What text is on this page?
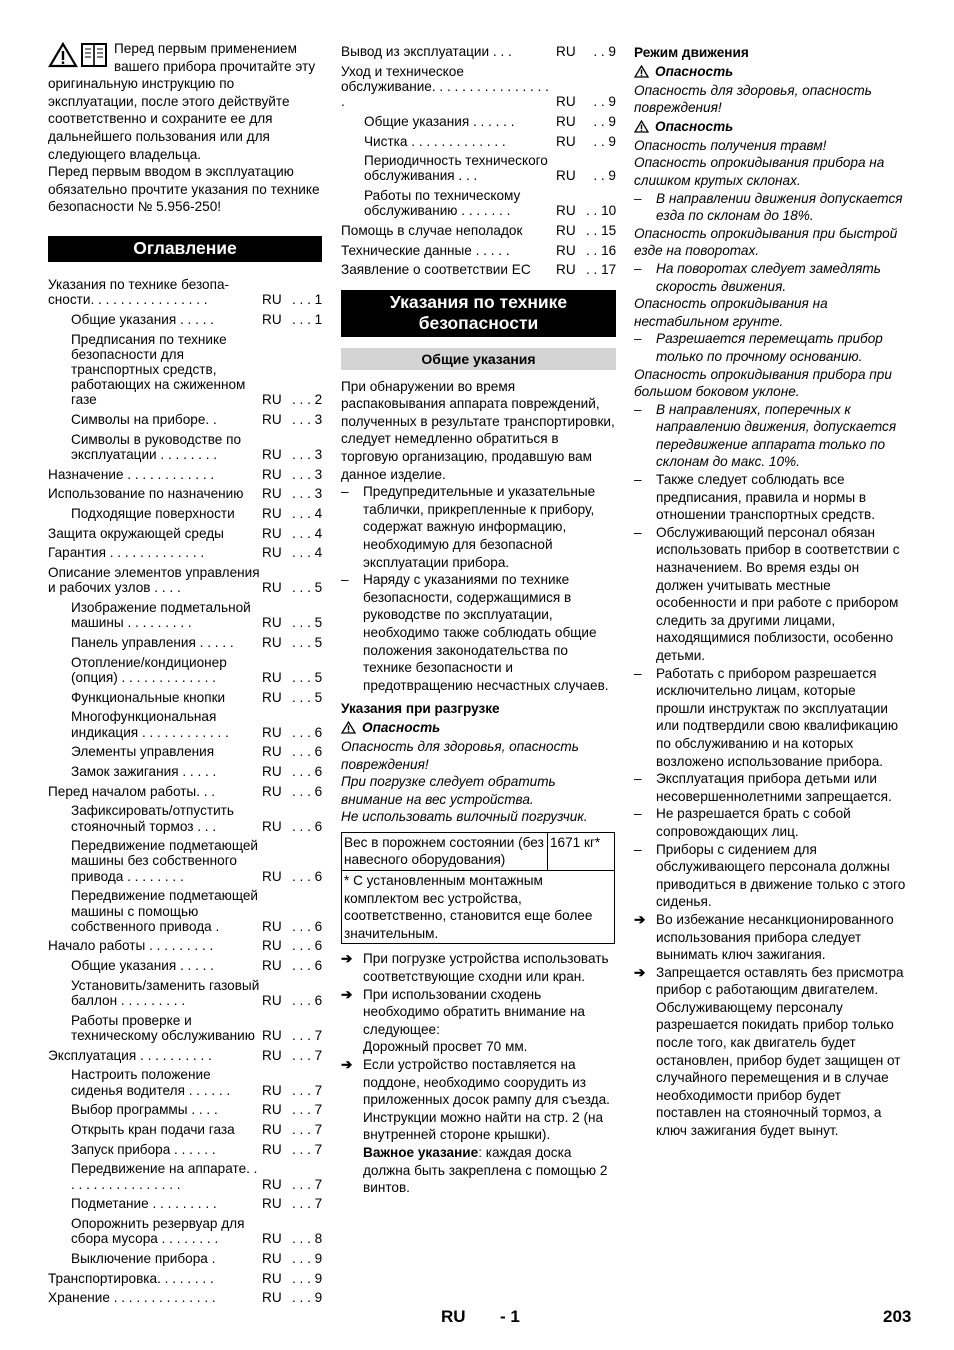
Перед первым применением вашего прибора прочитайте эту оригинальную инструкцию по эксплуатации, после этого действуйте соответственно и сохраните ее для дальнейшего пользования или для следующего владельца.

Перед первым вводом в эксплуатацию обязательно прочтите указания по технике безопасности № 5.956-250!

Оглавление
Указания по технике безопа-сности. . . . . . . . . . . . . . . .	RU . . . 1
Общие указания . . . . .	RU . . . 1
Предписания по технике безопасности для транспортных средств, работающих на сжиженном газе	RU . . . 2
Символы на приборе. .	RU . . . 3
Символы в руководстве по эксплуатации . . . . . . . .	RU . . . 3
Назначение . . . . . . . . . . . .	RU . . . 3
Использование по назначению	RU . . . 3
Подходящие поверхности	RU . . . 4
Защита окружающей среды	RU . . . 4
Гарантия . . . . . . . . . . . . .	RU . . . 4
Описание элементов управления и рабочих узлов . . . .	RU . . . 5
Изображение подметальной машины . . . . . . . . .	RU . . . 5
Панель управления . . . . .	RU . . . 5
Отопление/кондиционер (опция) . . . . . . . . . . . . .	RU . . . 5
Функциональные кнопки	RU . . . 5
Многофункциональная индикация . . . . . . . . . . . .	RU . . . 6
Элементы управления	RU . . . 6
Замок зажигания . . . . .	RU . . . 6
Перед началом работы. . .	RU . . . 6
Зафиксировать/отпустить стояночный тормоз . . .	RU . . . 6
Передвижение подметающей машины без собственного привода . . . . . . . .	RU . . . 6
Передвижение подметающей машины с помощью собственного привода .	RU . . . 6
Начало работы . . . . . . . . .	RU . . . 6
Общие указания . . . . .	RU . . . 6
Установить/заменить газовый баллон . . . . . . . . .	RU . . . 6
Работы проверке и техническому обслуживанию RU . . . 7
Эксплуатация . . . . . . . . . .	RU . . . 7
Настроить положение сиденья водителя . . . . . .	RU . . . 7
Выбор программы . . . .	RU . . . 7
Открыть кран подачи газа	RU . . . 7
Запуск прибора . . . . . .	RU . . . 7
Передвижение на аппарате. . . . . . . . . . . . . . . . .	RU . . . 7
Подметание . . . . . . . . .	RU . . . 7
Опорожнить резервуар для сбора мусора . . . . . . . .	RU . . . 8
Выключение прибора .	RU . . . 9
Транспортировка. . . . . . . .	RU . . . 9
Хранение . . . . . . . . . . . . . .	RU . . . 9
Вывод из эксплуатации . . .	RU	. . 9
Уход и техническое обслуживание. . . . . . . . . . . . . . . . .	RU	. . 9
Общие указания . . . . . .	RU	. . 9
Чистка . . . . . . . . . . . . .	RU	. . 9
Периодичность технического обслуживания . . .	RU	. . 9
Работы по техническому обслуживанию . . . . . . .	RU . . 10
Помощь в случае неполадок	RU . . 15
Технические данные . . . . .	RU . . 16
Заявление о соответствии ЕС	RU . . 17
Указания по технике безопасности
Общие указания

При обнаружении во время распаковывания аппарата повреждений, полученных в результате транспортировки, следует немедленно обратиться в торговую организацию, продавшую вам данное изделие.

–	Предупредительные и указательные таблички, прикрепленные к прибору, содержат важную информацию, необходимую для безопасной эксплуатации прибора.
–	Наряду с указаниями по технике безопасности, содержащимися в руководстве по эксплуатации, необходимо также соблюдать общие положения законодательства по технике безопасности и предотвращению несчастных случаев.

Указания при разгрузке

Опасность

Опасность для здоровья, опасность повреждения!

При погрузке следует обратить внимание на вес устройства.

Не использовать вилочный погрузчик.

Вес в порожнем состоянии (без навесного оборудования)	1671 кг*
* С установленным монтажным комплектом вес устройства, соответственно, становится еще более значительным.
➔ При погрузке устройства использовать соответствующие сходни или кран.
➔ При использовании сходень необходимо обратить внимание на следующее:

Дорожный просвет 70 мм.

➔ Если устройство поставляется на поддоне, необходимо соорудить из приложенных досок рампу для съезда.

Инструкции можно найти на стр. 2 (на внутренней стороне крышки).

Важное указание: каждая доска должна быть закреплена с помощью 2 винтов.

Режим движения

Опасность

Опасность для здоровья, опасность повреждения!

Опасность

Опасность получения травм!

Опасность опрокидывания прибора на слишком крутых склонах.

–	В направлении движения допускается езда по склонам до 18%.

Опасность опрокидывания при быстрой езде на поворотах.

–	На поворотах следует замедлять скорость движения.

Опасность опрокидывания на нестабильном грунте.

–	Разрешается перемещать прибор только по прочному основанию.

Опасность опрокидывания прибора при большом боковом уклоне.

–	В направлениях, поперечных к направлению движения, допускается передвижение аппарата только по склонам до макс. 10%.
–	Также следует соблюдать все предписания, правила и нормы в отношении транспортных средств.
–	Обслуживающий персонал обязан использовать прибор в соответствии с назначением. Во время езды он должен учитывать местные особенности и при работе с прибором следить за другими лицами, находящимися поблизости, особенно детьми.
–	Работать с прибором разрешается исключительно лицам, которые прошли инструктаж по эксплуатации или подтвердили свою квалификацию по обслуживанию и на которых возложено использование прибора.
–	Эксплуатация прибора детьми или несовершеннолетними запрещается.
–	Не разрешается брать с собой сопровождающих лиц.
–	Приборы с сидением для обслуживающего персонала должны приводиться в движение только с этого сиденья.
➔ Во избежание несанкционированного использования прибора следует вынимать ключ зажигания.
➔ Запрещается оставлять без присмотра прибор с работающим двигателем. Обслуживающему персоналу разрешается покидать прибор только после того, как двигатель будет остановлен, прибор будет защищен от случайного перемещения и в случае необходимости прибор будет поставлен на стояночный тормоз, а ключ зажигания будет вынут.
RU - 1	203
